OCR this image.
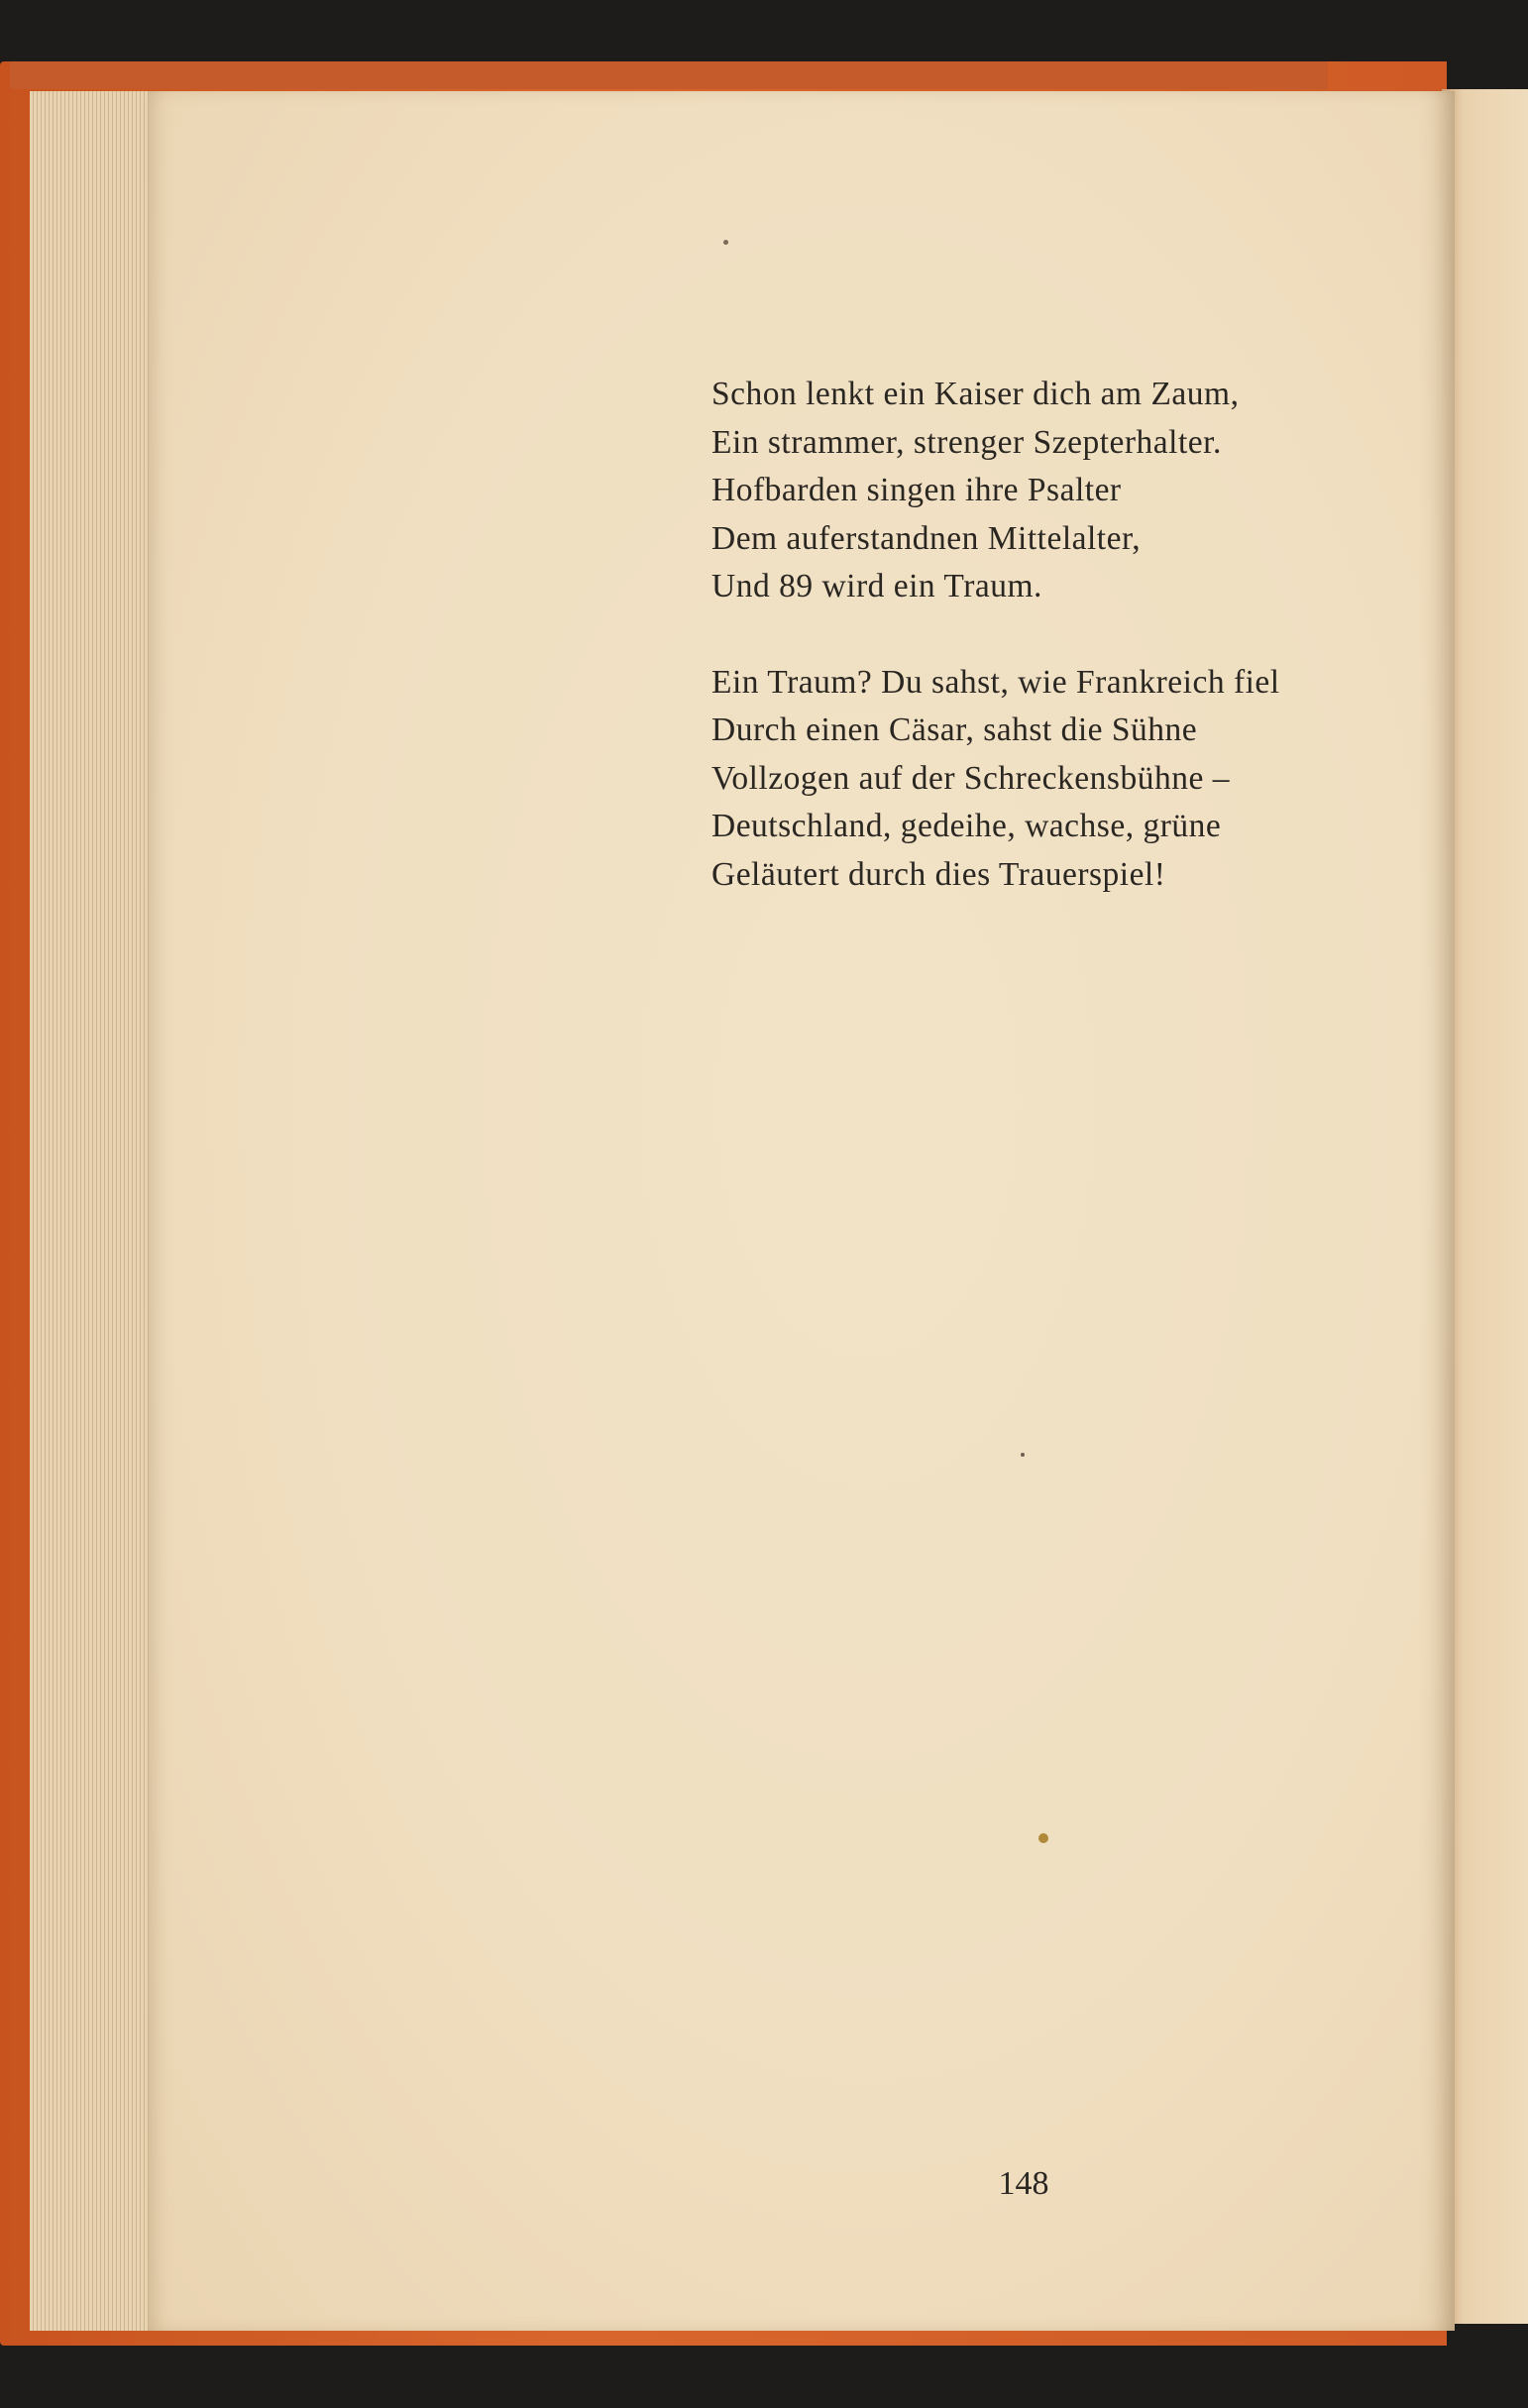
Schon lenkt ein Kaiser dich am Zaum,
Ein strammer, strenger Szepterhalter.
Hofbarden singen ihre Psalter
Dem auferstandnen Mittelalter,
Und 89 wird ein Traum.
Ein Traum? Du sahst, wie Frankreich fiel
Durch einen Cäsar, sahst die Sühne
Vollzogen auf der Schreckensbühne –
Deutschland, gedeihe, wachse, grüne
Geläutert durch dies Trauerspiel!
148
